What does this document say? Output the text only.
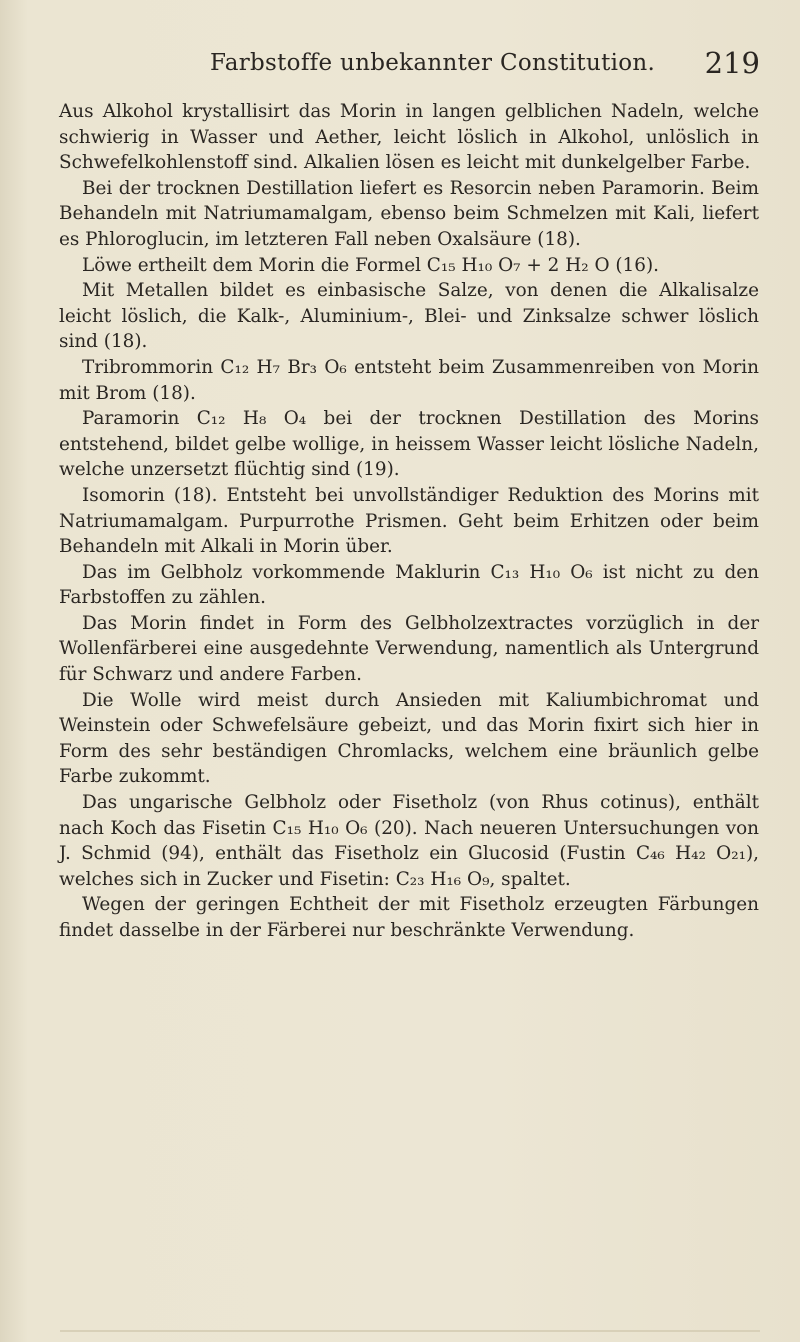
Farbstoffe unbekannter Constitution. 219

Aus Alkohol krystallisirt das Morin in langen gelblichen Nadeln, welche schwierig in Wasser und Aether, leicht löslich in Alkohol, unlöslich in Schwefelkohlenstoff sind. Alkalien lösen es leicht mit dunkelgelber Farbe.

Bei der trocknen Destillation liefert es Resorcin neben Paramorin. Beim Behandeln mit Natriumamalgam, ebenso beim Schmelzen mit Kali, liefert es Phloroglucin, im letzteren Fall neben Oxalsäure (18).

Löwe ertheilt dem Morin die Formel C₁₅ H₁₀ O₇ + 2 H₂ O (16).

Mit Metallen bildet es einbasische Salze, von denen die Alkalisalze leicht löslich, die Kalk-, Aluminium-, Blei- und Zinksalze schwer löslich sind (18).

Tribrommorin C₁₂ H₇ Br₃ O₆ entsteht beim Zusammenreiben von Morin mit Brom (18).

Paramorin C₁₂ H₈ O₄ bei der trocknen Destillation des Morins entstehend, bildet gelbe wollige, in heissem Wasser leicht lösliche Nadeln, welche unzersetzt flüchtig sind (19).

Isomorin (18). Entsteht bei unvollständiger Reduktion des Morins mit Natriumamalgam. Purpurrothe Prismen. Geht beim Erhitzen oder beim Behandeln mit Alkali in Morin über.

Das im Gelbholz vorkommende Maklurin C₁₃ H₁₀ O₆ ist nicht zu den Farbstoffen zu zählen.

Das Morin findet in Form des Gelbholzextractes vorzüglich in der Wollenfärberei eine ausgedehnte Verwendung, namentlich als Untergrund für Schwarz und andere Farben.

Die Wolle wird meist durch Ansieden mit Kaliumbichromat und Weinstein oder Schwefelsäure gebeizt, und das Morin fixirt sich hier in Form des sehr beständigen Chromlacks, welchem eine bräunlich gelbe Farbe zukommt.

Das ungarische Gelbholz oder Fisetholz (von Rhus cotinus), enthält nach Koch das Fisetin C₁₅ H₁₀ O₆ (20). Nach neueren Untersuchungen von J. Schmid (94), enthält das Fisetholz ein Glucosid (Fustin C₄₆ H₄₂ O₂₁), welches sich in Zucker und Fisetin: C₂₃ H₁₆ O₉, spaltet.

Wegen der geringen Echtheit der mit Fisetholz erzeugten Färbungen findet dasselbe in der Färberei nur beschränkte Verwendung.
